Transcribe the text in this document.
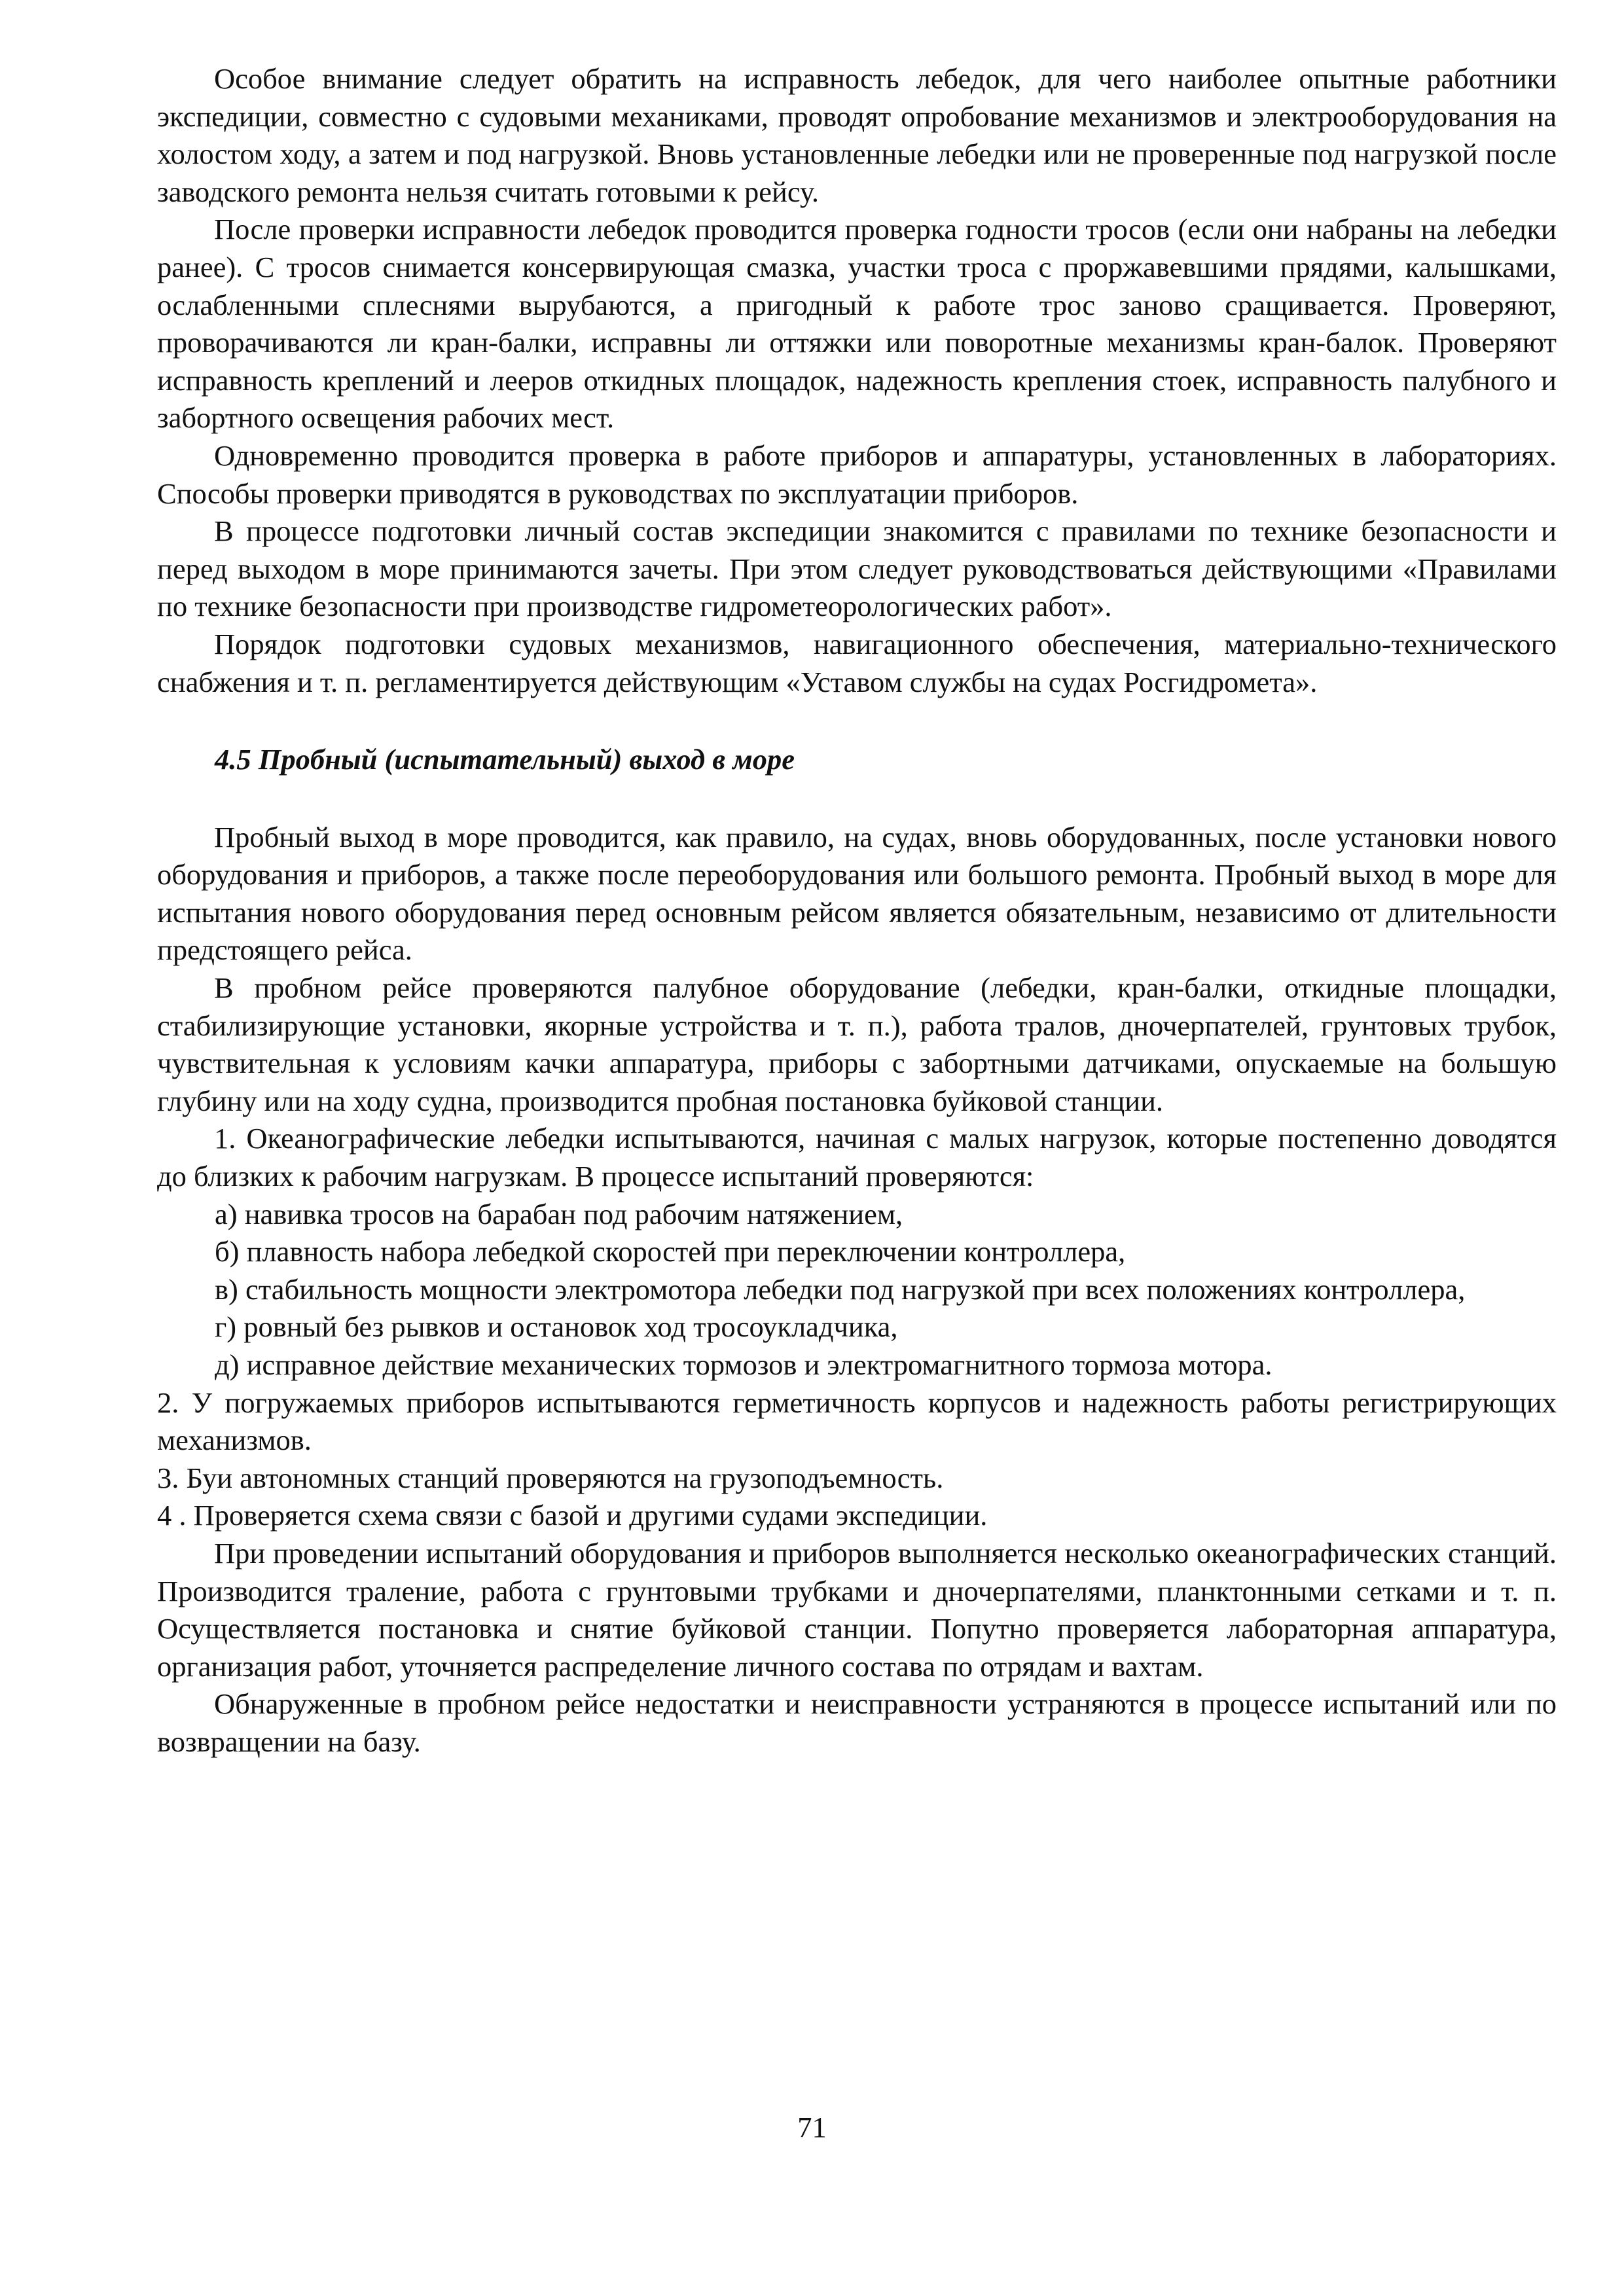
Особое внимание следует обратить на исправность лебедок, для чего наиболее опытные работники экспедиции, совместно с судовыми механиками, проводят опробование механизмов и электрооборудования на холостом ходу, а затем и под нагрузкой. Вновь установленные лебедки или не проверенные под нагрузкой после заводского ремонта нельзя считать готовыми к рейсу.

После проверки исправности лебедок проводится проверка годности тросов (если они набраны на лебедки ранее). С тросов снимается консервирующая смазка, участки троса с проржавевшими прядями, калышками, ослабленными сплеснями вырубаются, а пригодный к работе трос заново сращивается. Проверяют, проворачиваются ли кран-балки, исправны ли оттяжки или поворотные механизмы кран-балок. Проверяют исправность креплений и лееров откидных площадок, надежность крепления стоек, исправность палубного и забортного освещения рабочих мест.

Одновременно проводится проверка в работе приборов и аппаратуры, установленных в лабораториях. Способы проверки приводятся в руководствах по эксплуатации приборов.

В процессе подготовки личный состав экспедиции знакомится с правилами по технике безопасности и перед выходом в море принимаются зачеты. При этом следует руководствоваться действующими «Правилами по технике безопасности при производстве гидрометеорологических работ».

Порядок подготовки судовых механизмов, навигационного обеспечения, материально-технического снабжения и т. п. регламентируется действующим «Уставом службы на судах Росгидромета».

4.5 Пробный (испытательный) выход в море

Пробный выход в море проводится, как правило, на судах, вновь оборудованных, после установки нового оборудования и приборов, а также после переоборудования или большого ремонта. Пробный выход в море для испытания нового оборудования перед основным рейсом является обязательным, независимо от длительности предстоящего рейса.

В пробном рейсе проверяются палубное оборудование (лебедки, кран-балки, откидные площадки, стабилизирующие установки, якорные устройства и т. п.), работа тралов, дночерпателей, грунтовых трубок, чувствительная к условиям качки аппаратура, приборы с забортными датчиками, опускаемые на большую глубину или на ходу судна, производится пробная постановка буйковой станции.

1. Океанографические лебедки испытываются, начиная с малых нагрузок, которые постепенно доводятся до близких к рабочим нагрузкам. В процессе испытаний проверяются:

а) навивка тросов на барабан под рабочим натяжением,

б) плавность набора лебедкой скоростей при переключении контроллера,

в) стабильность мощности электромотора лебедки под нагрузкой при всех положениях контроллера,

г) ровный без рывков и остановок ход тросоукладчика,

д) исправное действие механических тормозов и электромагнитного тормоза мотора.

2. У погружаемых приборов испытываются герметичность корпусов и надежность работы регистрирующих механизмов.

3. Буи автономных станций проверяются на грузоподъемность.

4 . Проверяется схема связи с базой и другими судами экспедиции.

При проведении испытаний оборудования и приборов выполняется несколько океанографических станций. Производится траление, работа с грунтовыми трубками и дночерпателями, планктонными сетками и т. п. Осуществляется постановка и снятие буйковой станции. Попутно проверяется лабораторная аппаратура, организация работ, уточняется распределение личного состава по отрядам и вахтам.

Обнаруженные в пробном рейсе недостатки и неисправности устраняются в процессе испытаний или по возвращении на базу.

71
